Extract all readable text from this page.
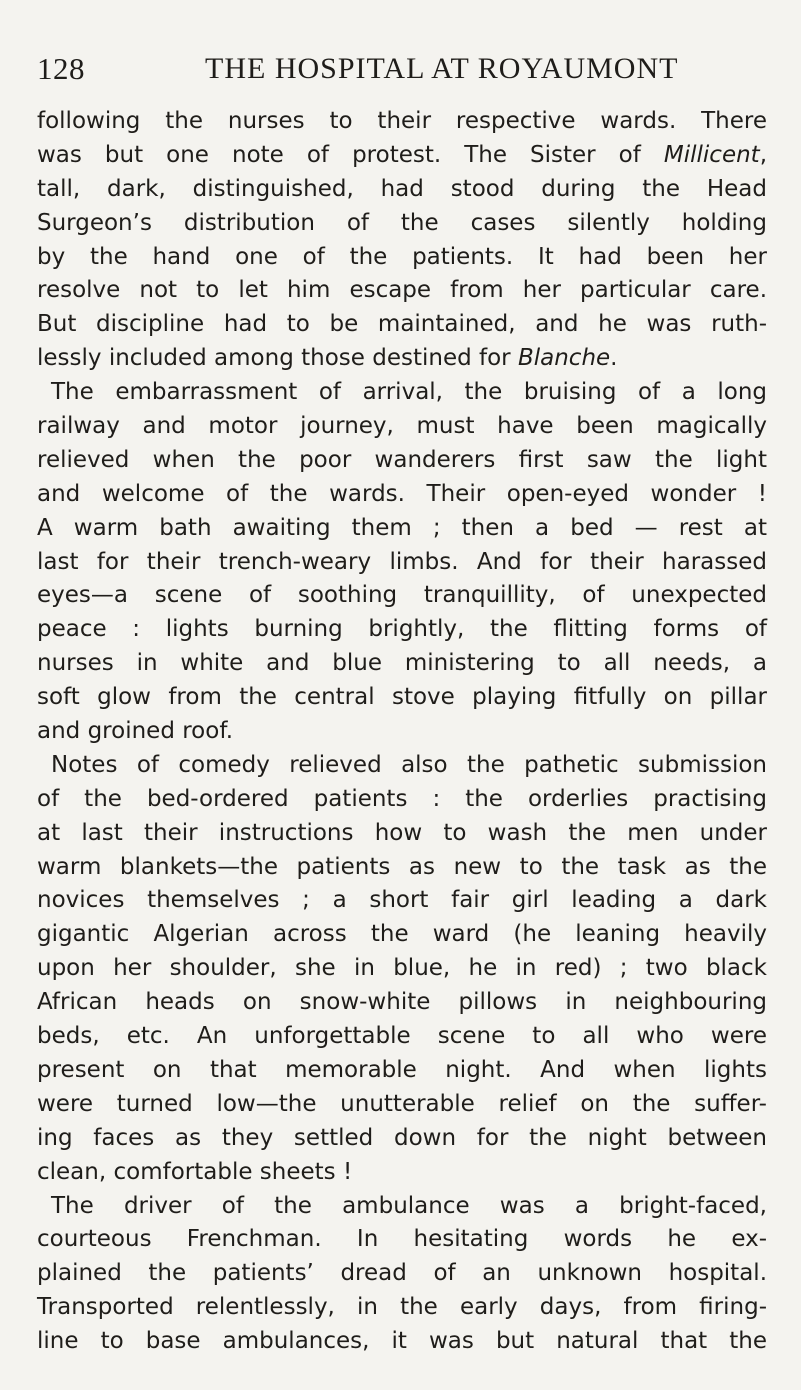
128	THE HOSPITAL AT ROYAUMONT
following the nurses to their respective wards. There
was but one note of protest. The Sister of Millicent,
tall, dark, distinguished, had stood during the Head
Surgeon’s distribution of the cases silently holding
by the hand one of the patients. It had been her
resolve not to let him escape from her particular care.
But discipline had to be maintained, and he was ruth-
lessly included among those destined for Blanche.
The embarrassment of arrival, the bruising of a long
railway and motor journey, must have been magically
relieved when the poor wanderers first saw the light
and welcome of the wards. Their open-eyed wonder !
A warm bath awaiting them ; then a bed — rest at
last for their trench-weary limbs. And for their harassed
eyes—a scene of soothing tranquillity, of unexpected
peace : lights burning brightly, the flitting forms of
nurses in white and blue ministering to all needs, a
soft glow from the central stove playing fitfully on pillar
and groined roof.
Notes of comedy relieved also the pathetic submission
of the bed-ordered patients : the orderlies practising
at last their instructions how to wash the men under
warm blankets—the patients as new to the task as the
novices themselves ; a short fair girl leading a dark
gigantic Algerian across the ward (he leaning heavily
upon her shoulder, she in blue, he in red) ; two black
African heads on snow-white pillows in neighbouring
beds, etc. An unforgettable scene to all who were
present on that memorable night. And when lights
were turned low—the unutterable relief on the suffer-
ing faces as they settled down for the night between
clean, comfortable sheets !
The driver of the ambulance was a bright-faced,
courteous Frenchman. In hesitating words he ex-
plained the patients’ dread of an unknown hospital.
Transported relentlessly, in the early days, from firing-
line to base ambulances, it was but natural that the
